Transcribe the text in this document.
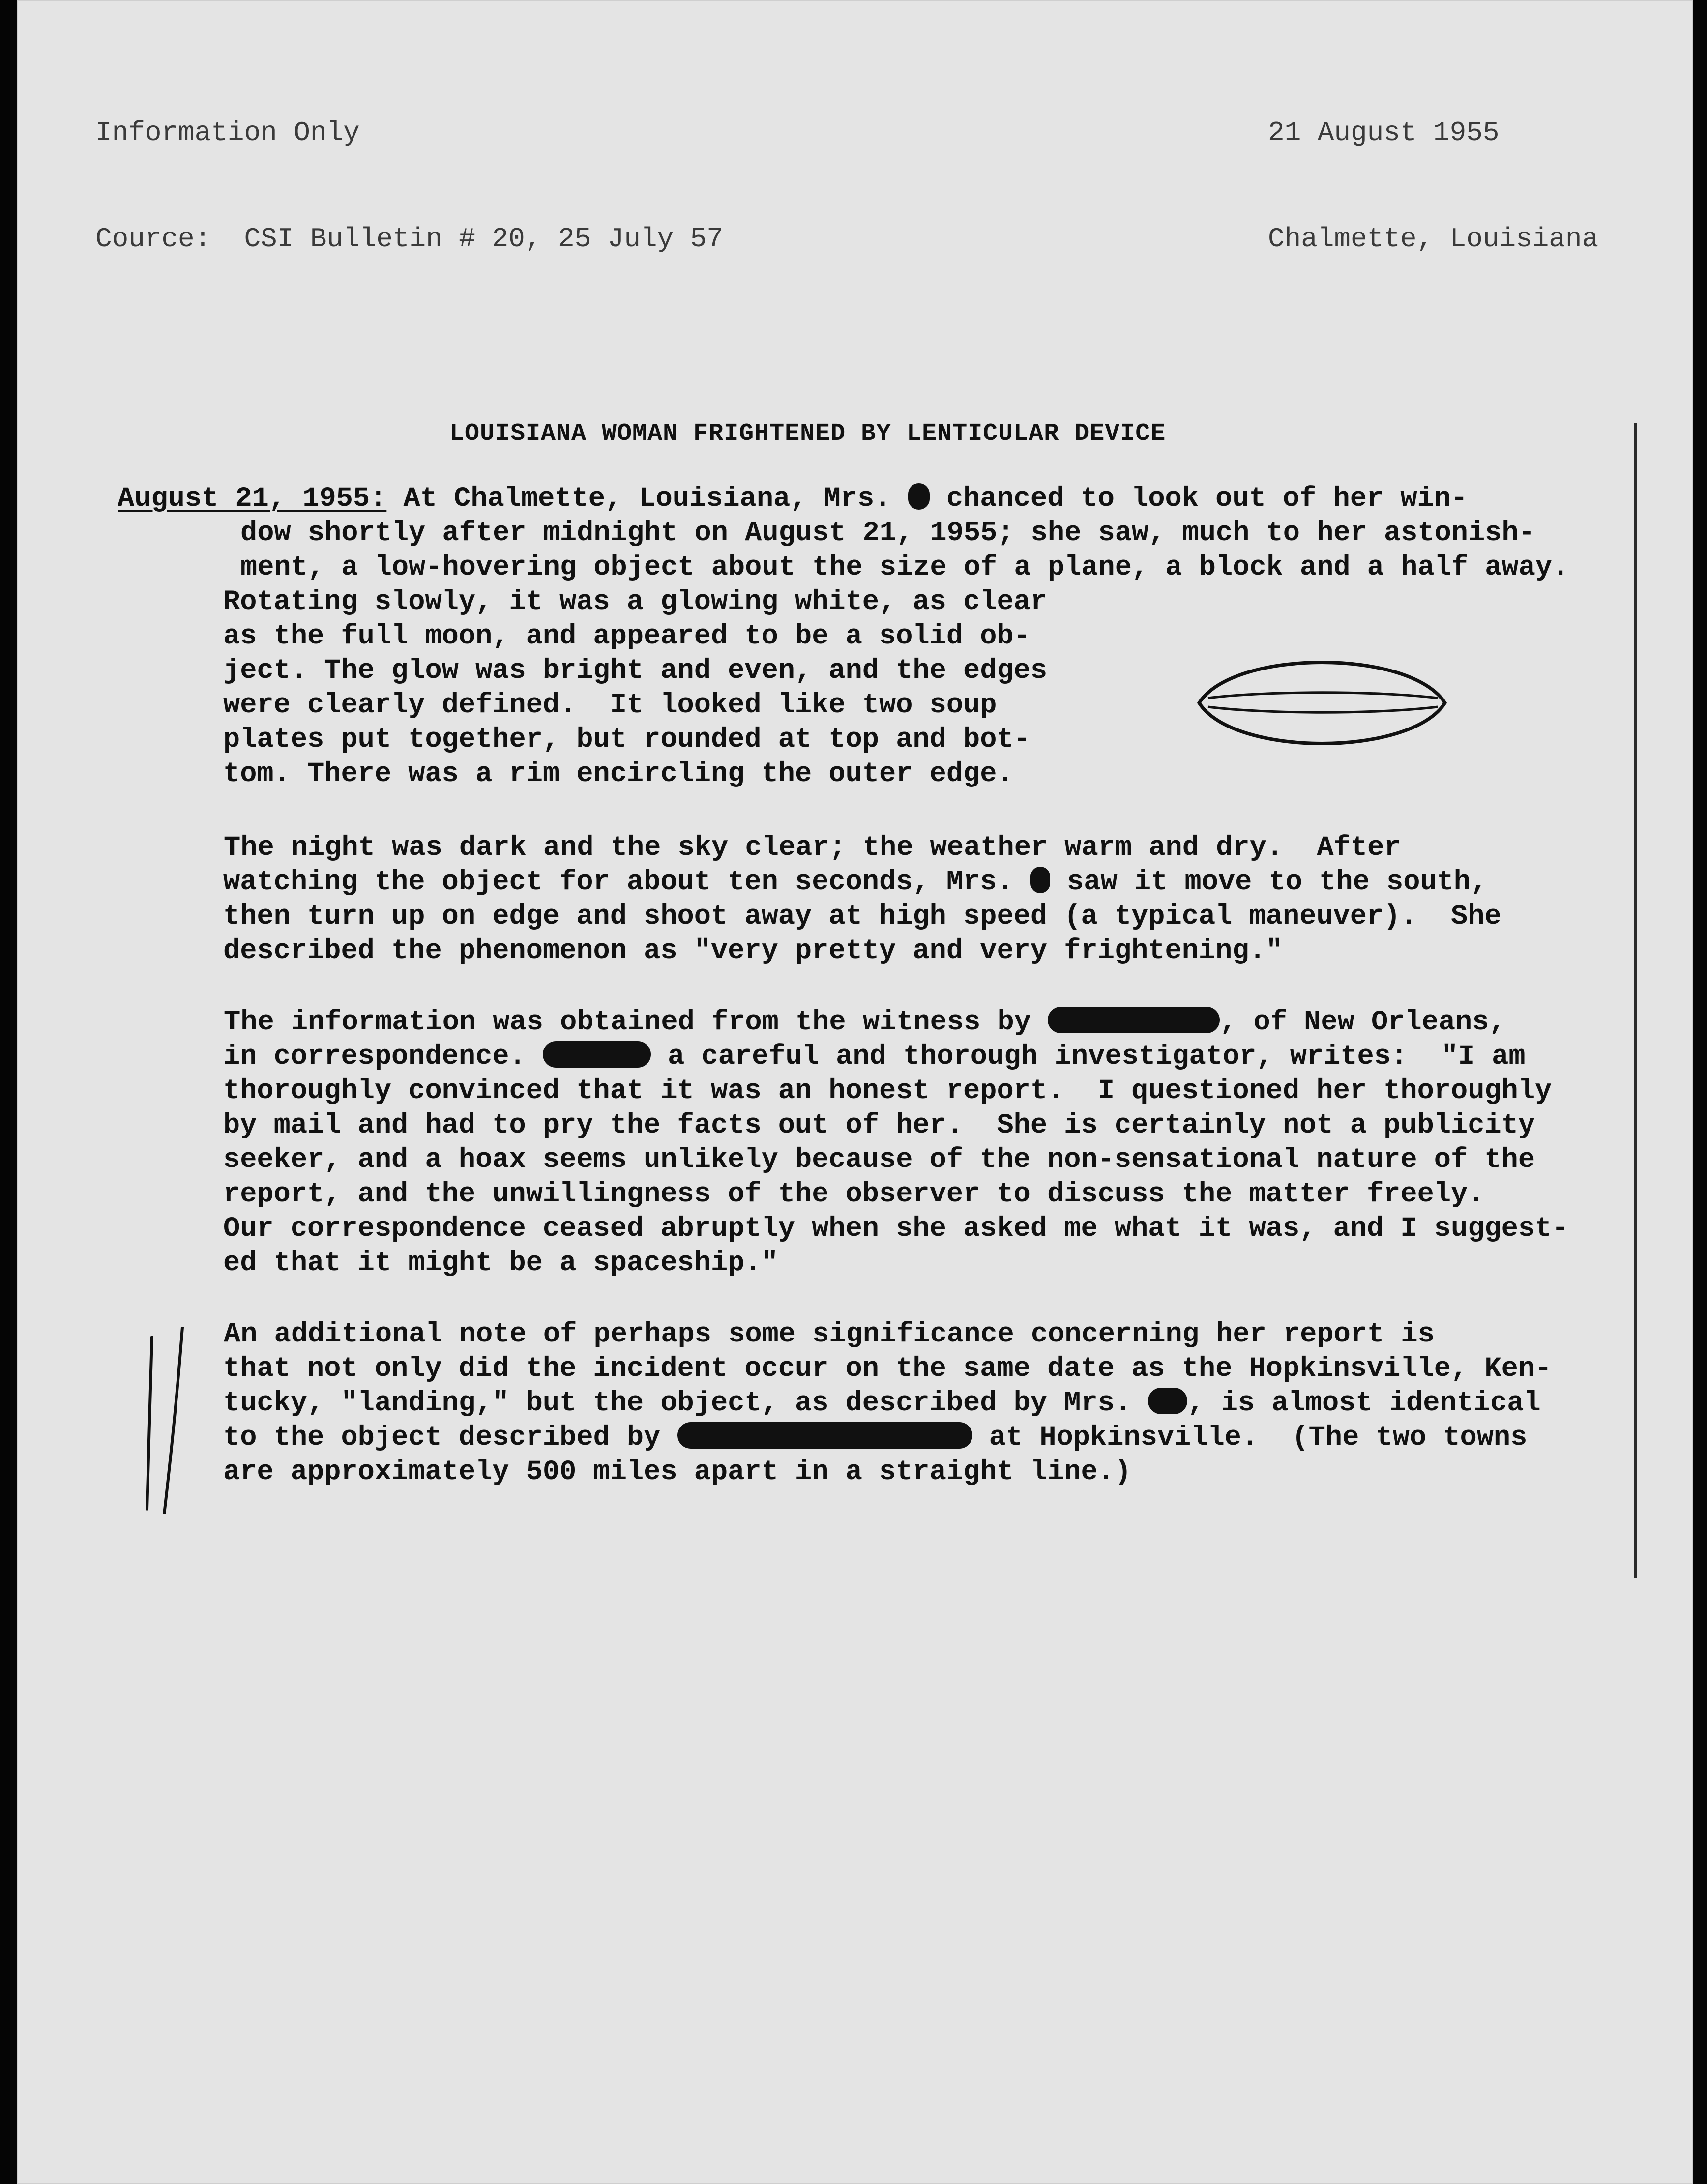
Information Only

Cource:  CSI Bulletin # 20, 25 July 57

21 August 1955

Chalmette, Louisiana

LOUISIANA WOMAN FRIGHTENED BY LENTICULAR DEVICE
August 21, 1955: At Chalmette, Louisiana, Mrs.  chanced to look out of her win-
dow shortly after midnight on August 21, 1955; she saw, much to her astonish-
ment, a low-hovering object about the size of a plane, a block and a half away.
Rotating slowly, it was a glowing white, as clear
as the full moon, and appeared to be a solid ob-
ject. The glow was bright and even, and the edges
were clearly defined.  It looked like two soup
plates put together, but rounded at top and bot-
tom. There was a rim encircling the outer edge.
The night was dark and the sky clear; the weather warm and dry.  After
watching the object for about ten seconds, Mrs.  saw it move to the south,
then turn up on edge and shoot away at high speed (a typical maneuver).  She
described the phenomenon as "very pretty and very frightening."
The information was obtained from the witness by	, of New Orleans,
in correspondence.	a careful and thorough investigator, writes:  "I am
thoroughly convinced that it was an honest report.  I questioned her thoroughly
by mail and had to pry the facts out of her.  She is certainly not a publicity
seeker, and a hoax seems unlikely because of the non-sensational nature of the
report, and the unwillingness of the observer to discuss the matter freely.
Our correspondence ceased abruptly when she asked me what it was, and I suggest-
ed that it might be a spaceship."
An additional note of perhaps some significance concerning her report is
that not only did the incident occur on the same date as the Hopkinsville, Ken-
tucky, "landing," but the object, as described by Mrs. , is almost identical
to the object described by	at Hopkinsville.  (The two towns
are approximately 500 miles apart in a straight line.)
